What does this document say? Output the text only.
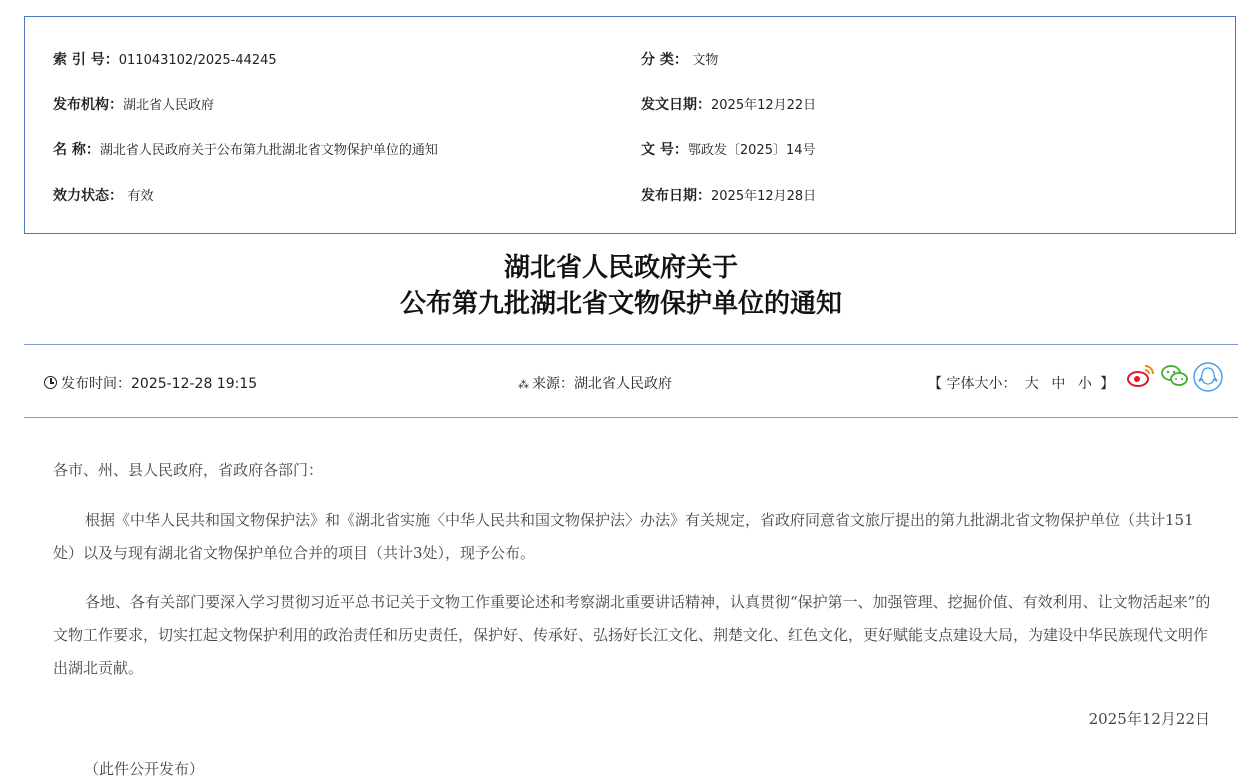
索 引 号：011043102/2025-44245	分 类： 文物
发布机构：湖北省人民政府	发文日期：2025年12月22日
名 称：湖北省人民政府关于公布第九批湖北省文物保护单位的通知	文 号：鄂政发〔2025〕14号
效力状态： 有效	发布日期：2025年12月28日
湖北省人民政府关于
公布第九批湖北省文物保护单位的通知
发布时间：2025-12-28 19:15	⁂ 来源：湖北省人民政府	【 字体大小： 大 中 小 】
各市、州、县人民政府，省政府各部门：
根据《中华人民共和国文物保护法》和《湖北省实施〈中华人民共和国文物保护法〉办法》有关规定，省政府同意省文旅厅提出的第九批湖北省文物保护单位（共计151处）以及与现有湖北省文物保护单位合并的项目（共计3处），现予公布。
各地、各有关部门要深入学习贯彻习近平总书记关于文物工作重要论述和考察湖北重要讲话精神，认真贯彻“保护第一、加强管理、挖掘价值、有效利用、让文物活起来”的文物工作要求，切实扛起文物保护利用的政治责任和历史责任，保护好、传承好、弘扬好长江文化、荆楚文化、红色文化，更好赋能支点建设大局，为建设中华民族现代文明作出湖北贡献。
2025年12月22日
（此件公开发布）
